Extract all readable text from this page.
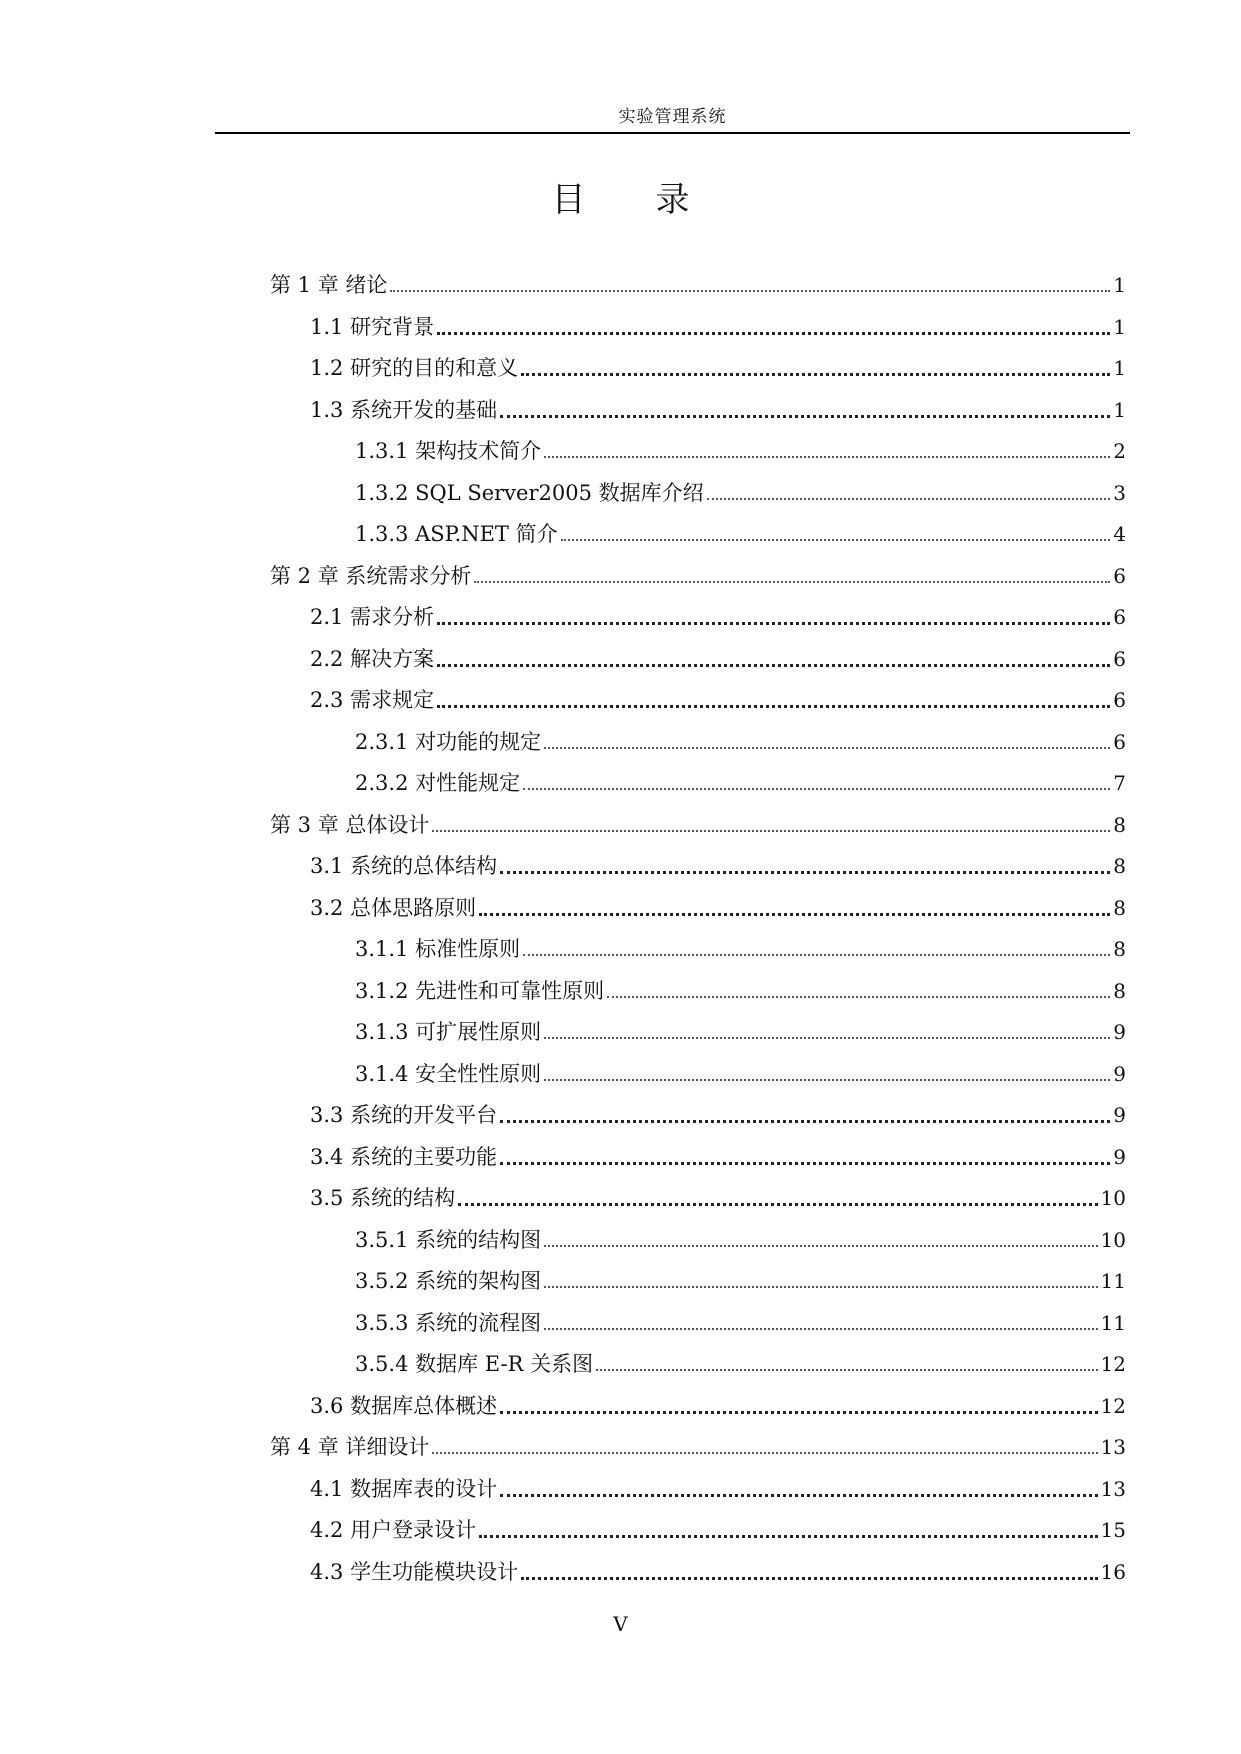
实验管理系统
目 录
第 1 章 绪论	1
1.1 研究背景	1
1.2 研究的目的和意义	1
1.3 系统开发的基础	1
1.3.1 架构技术简介	2
1.3.2 SQL Server2005 数据库介绍	3
1.3.3 ASP.NET 简介	4
第 2 章 系统需求分析	6
2.1 需求分析	6
2.2 解决方案	6
2.3 需求规定	6
2.3.1 对功能的规定	6
2.3.2 对性能规定	7
第 3 章 总体设计	8
3.1 系统的总体结构	8
3.2 总体思路原则	8
3.1.1 标准性原则	8
3.1.2 先进性和可靠性原则	8
3.1.3 可扩展性原则	9
3.1.4 安全性性原则	9
3.3 系统的开发平台	9
3.4 系统的主要功能	9
3.5 系统的结构	10
3.5.1 系统的结构图	10
3.5.2 系统的架构图	11
3.5.3 系统的流程图	11
3.5.4 数据库 E-R 关系图	12
3.6 数据库总体概述	12
第 4 章 详细设计	13
4.1 数据库表的设计	13
4.2 用户登录设计	15
4.3 学生功能模块设计	16
V
